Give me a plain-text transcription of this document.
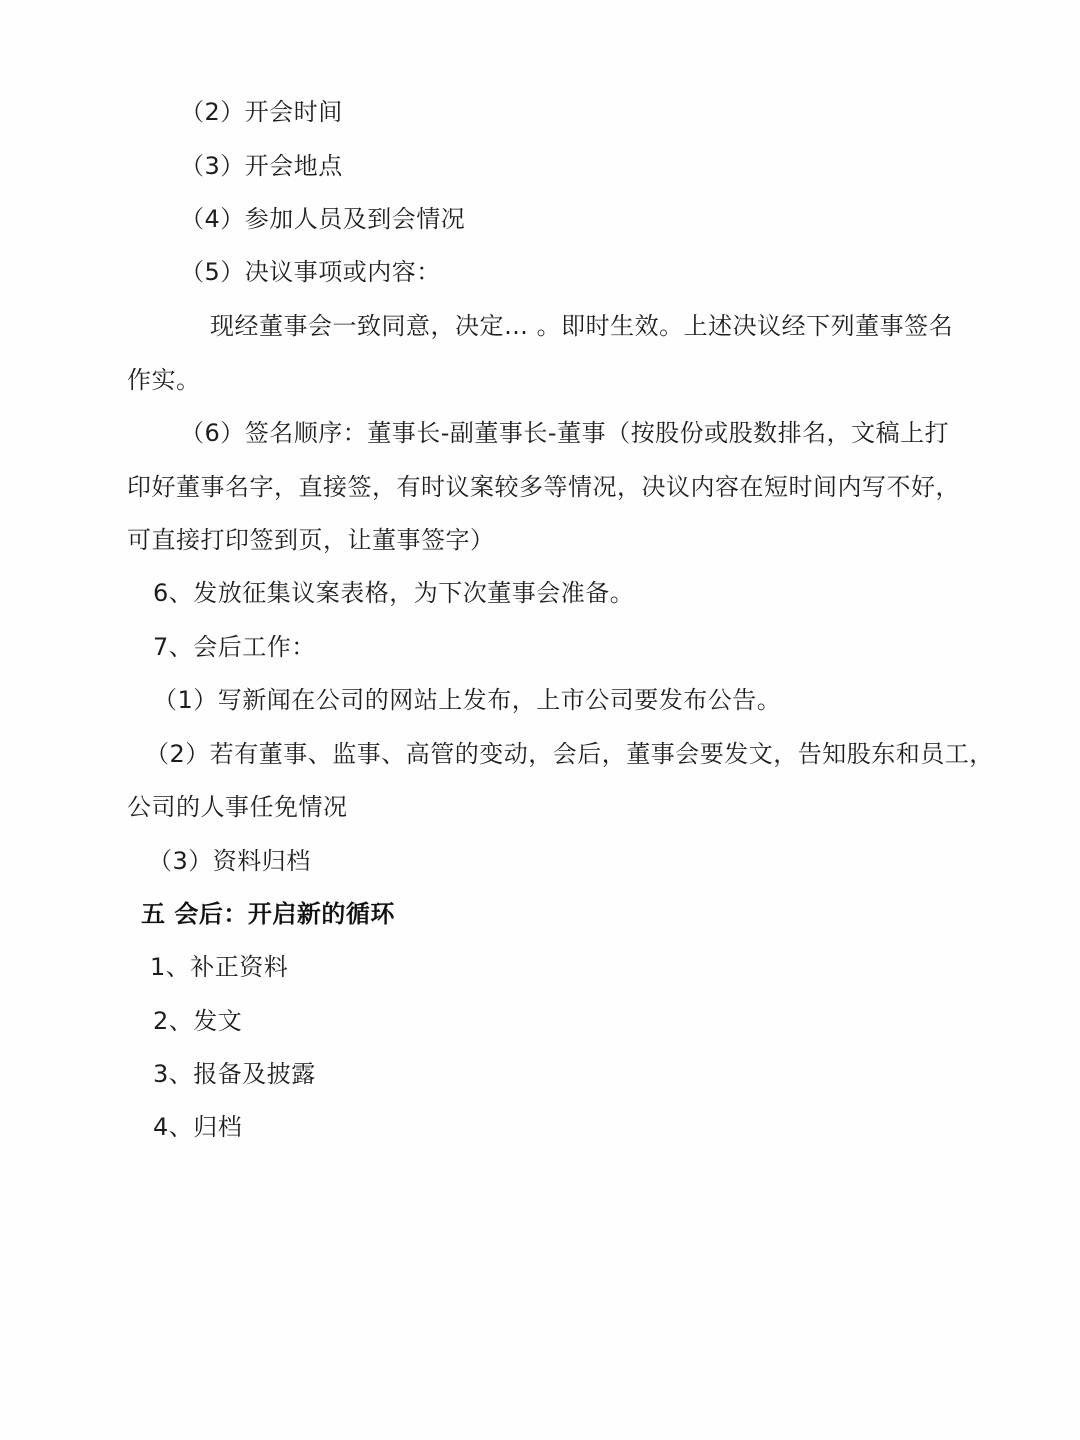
（2）开会时间

（3）开会地点

（4）参加人员及到会情况

（5）决议事项或内容：

现经董事会一致同意，决定… 。即时生效。上述决议经下列董事签名

作实。

（6）签名顺序：董事长-副董事长-董事（按股份或股数排名，文稿上打

印好董事名字，直接签，有时议案较多等情况，决议内容在短时间内写不好，

可直接打印签到页，让董事签字）

6、发放征集议案表格，为下次董事会准备。

7、会后工作：

（1）写新闻在公司的网站上发布，上市公司要发布公告。

（2）若有董事、监事、高管的变动，会后，董事会要发文，告知股东和员工，

公司的人事任免情况

（3）资料归档

五 会后：开启新的循环

1、补正资料

2、发文

3、报备及披露

4、归档
